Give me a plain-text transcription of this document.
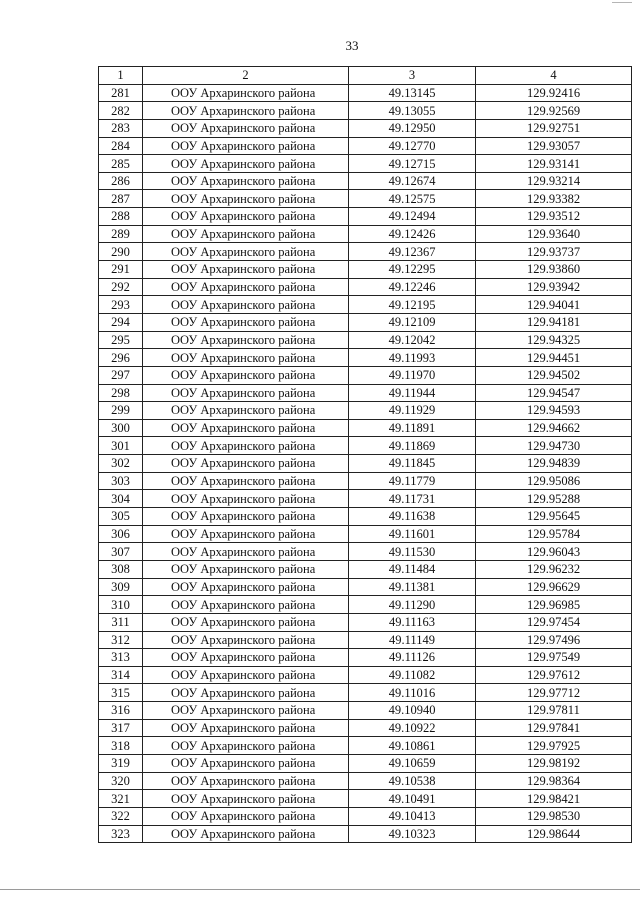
33
1	2	3	4
281	ООУ Архаринского района	49.13145	129.92416
282	ООУ Архаринского района	49.13055	129.92569
283	ООУ Архаринского района	49.12950	129.92751
284	ООУ Архаринского района	49.12770	129.93057
285	ООУ Архаринского района	49.12715	129.93141
286	ООУ Архаринского района	49.12674	129.93214
287	ООУ Архаринского района	49.12575	129.93382
288	ООУ Архаринского района	49.12494	129.93512
289	ООУ Архаринского района	49.12426	129.93640
290	ООУ Архаринского района	49.12367	129.93737
291	ООУ Архаринского района	49.12295	129.93860
292	ООУ Архаринского района	49.12246	129.93942
293	ООУ Архаринского района	49.12195	129.94041
294	ООУ Архаринского района	49.12109	129.94181
295	ООУ Архаринского района	49.12042	129.94325
296	ООУ Архаринского района	49.11993	129.94451
297	ООУ Архаринского района	49.11970	129.94502
298	ООУ Архаринского района	49.11944	129.94547
299	ООУ Архаринского района	49.11929	129.94593
300	ООУ Архаринского района	49.11891	129.94662
301	ООУ Архаринского района	49.11869	129.94730
302	ООУ Архаринского района	49.11845	129.94839
303	ООУ Архаринского района	49.11779	129.95086
304	ООУ Архаринского района	49.11731	129.95288
305	ООУ Архаринского района	49.11638	129.95645
306	ООУ Архаринского района	49.11601	129.95784
307	ООУ Архаринского района	49.11530	129.96043
308	ООУ Архаринского района	49.11484	129.96232
309	ООУ Архаринского района	49.11381	129.96629
310	ООУ Архаринского района	49.11290	129.96985
311	ООУ Архаринского района	49.11163	129.97454
312	ООУ Архаринского района	49.11149	129.97496
313	ООУ Архаринского района	49.11126	129.97549
314	ООУ Архаринского района	49.11082	129.97612
315	ООУ Архаринского района	49.11016	129.97712
316	ООУ Архаринского района	49.10940	129.97811
317	ООУ Архаринского района	49.10922	129.97841
318	ООУ Архаринского района	49.10861	129.97925
319	ООУ Архаринского района	49.10659	129.98192
320	ООУ Архаринского района	49.10538	129.98364
321	ООУ Архаринского района	49.10491	129.98421
322	ООУ Архаринского района	49.10413	129.98530
323	ООУ Архаринского района	49.10323	129.98644
